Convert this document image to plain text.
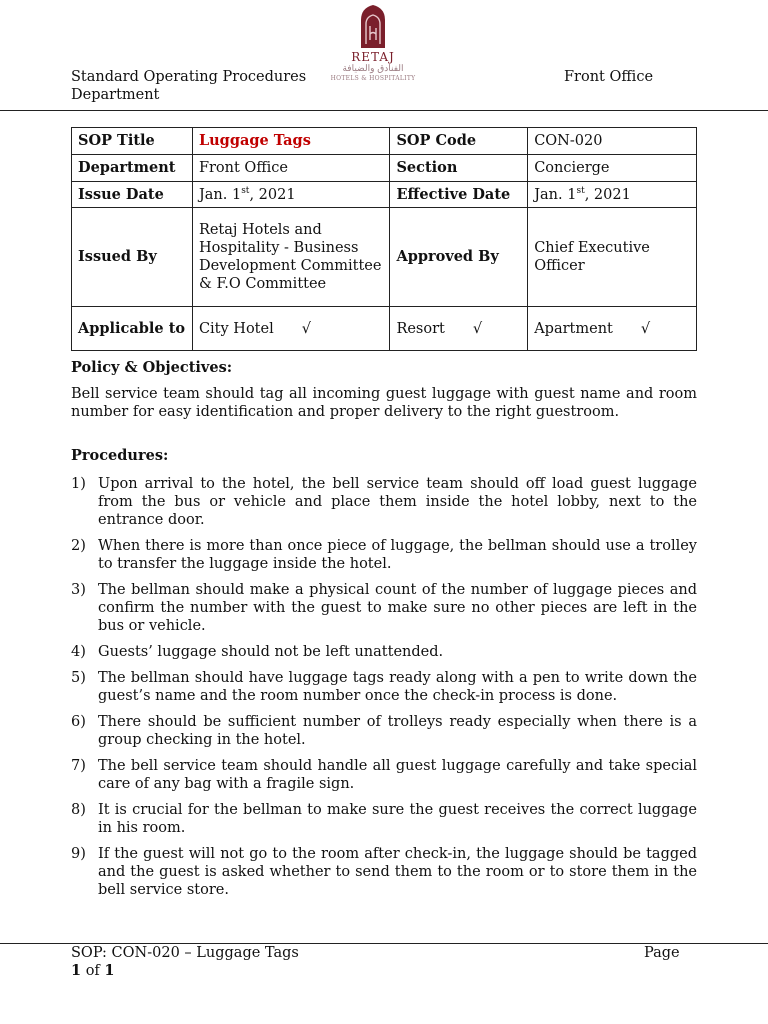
RETAJ
الفنادق والضيافة
HOTELS & HOSPITALITY
Standard Operating Procedures
Department
Front Office
SOP Title	Luggage Tags	SOP Code	CON-020
Department	Front Office	Section	Concierge
Issue Date	Jan. 1st, 2021	Effective Date	Jan. 1st, 2021
Issued By	Retaj Hotels and Hospitality - Business Development Committee & F.O Committee	Approved By	Chief Executive Officer
Applicable to	City Hotel √	Resort √	Apartment √
Policy & Objectives:
Bell service team should tag all incoming guest luggage with guest name and room number for easy identification and proper delivery to the right guestroom.
Procedures:
1) Upon arrival to the hotel, the bell service team should off load guest luggage from the bus or vehicle and place them inside the hotel lobby, next to the entrance door.
2) When there is more than once piece of luggage, the bellman should use a trolley to transfer the luggage inside the hotel.
3) The bellman should make a physical count of the number of luggage pieces and confirm the number with the guest to make sure no other pieces are left in the bus or vehicle.
4) Guests’ luggage should not be left unattended.
5) The bellman should have luggage tags ready along with a pen to write down the guest’s name and the room number once the check-in process is done.
6) There should be sufficient number of trolleys ready especially when there is a group checking in the hotel.
7) The bell service team should handle all guest luggage carefully and take special care of any bag with a fragile sign.
8) It is crucial for the bellman to make sure the guest receives the correct luggage in his room.
9) If the guest will not go to the room after check-in, the luggage should be tagged and the guest is asked whether to send them to the room or to store them in the bell service store.
SOP: CON-020 – Luggage Tags
1 of 1
Page
